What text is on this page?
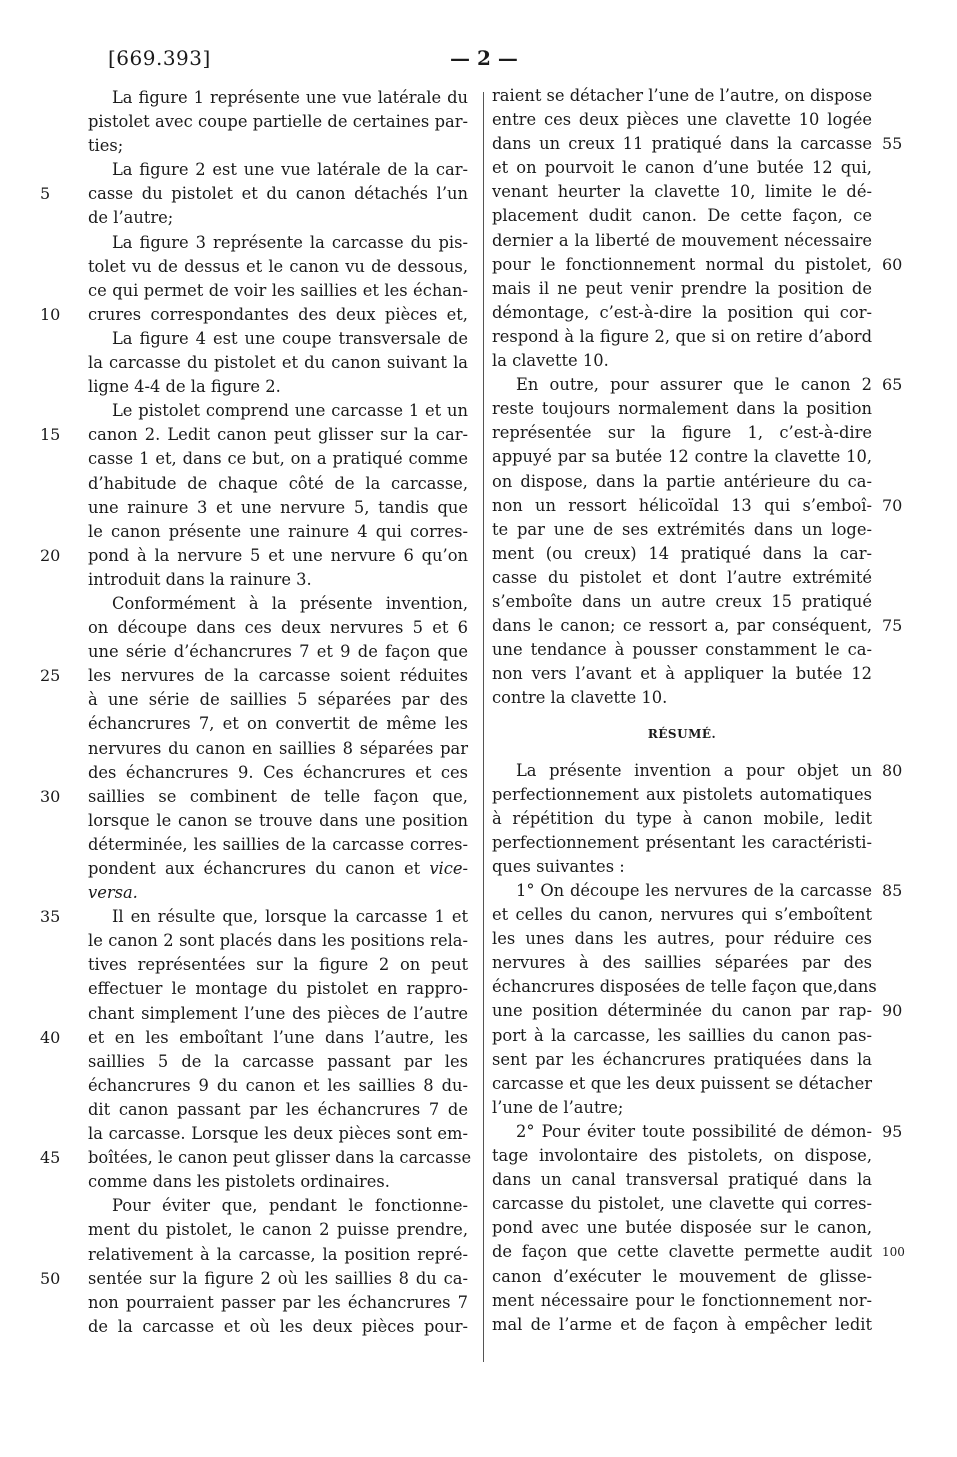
[669.393]	— 2 —
La figure 1 représente une vue latérale du
pistolet avec coupe partielle de certaines par-
ties;
La figure 2 est une vue latérale de la car-
casse du pistolet et du canon détachés l’un
5
de l’autre;
La figure 3 représente la carcasse du pis-
tolet vu de dessus et le canon vu de dessous,
ce qui permet de voir les saillies et les échan-
crures correspondantes des deux pièces et,
10
La figure 4 est une coupe transversale de
la carcasse du pistolet et du canon suivant la
ligne 4-4 de la figure 2.
Le pistolet comprend une carcasse 1 et un
canon 2. Ledit canon peut glisser sur la car-
15
casse 1 et, dans ce but, on a pratiqué comme
d’habitude de chaque côté de la carcasse,
une rainure 3 et une nervure 5, tandis que
le canon présente une rainure 4 qui corres-
pond à la nervure 5 et une nervure 6 qu’on
20
introduit dans la rainure 3.
Conformément à la présente invention,
on découpe dans ces deux nervures 5 et 6
une série d’échancrures 7 et 9 de façon que
les nervures de la carcasse soient réduites
25
à une série de saillies 5 séparées par des
échancrures 7, et on convertit de même les
nervures du canon en saillies 8 séparées par
des échancrures 9. Ces échancrures et ces
saillies se combinent de telle façon que,
30
lorsque le canon se trouve dans une position
déterminée, les saillies de la carcasse corres-
pondent aux échancrures du canon et vice-
versa.
Il en résulte que, lorsque la carcasse 1 et
35
le canon 2 sont placés dans les positions rela-
tives représentées sur la figure 2 on peut
effectuer le montage du pistolet en rappro-
chant simplement l’une des pièces de l’autre
et en les emboîtant l’une dans l’autre, les
40
saillies 5 de la carcasse passant par les
échancrures 9 du canon et les saillies 8 du-
dit canon passant par les échancrures 7 de
la carcasse. Lorsque les deux pièces sont em-
boîtées, le canon peut glisser dans la carcasse
45
comme dans les pistolets ordinaires.
Pour éviter que, pendant le fonctionne-
ment du pistolet, le canon 2 puisse prendre,
relativement à la carcasse, la position repré-
sentée sur la figure 2 où les saillies 8 du ca-
50
non pourraient passer par les échancrures 7
de la carcasse et où les deux pièces pour-
raient se détacher l’une de l’autre, on dispose
entre ces deux pièces une clavette 10 logée
dans un creux 11 pratiqué dans la carcasse 55
et on pourvoit le canon d’une butée 12 qui,
venant heurter la clavette 10, limite le dé-
placement dudit canon. De cette façon, ce
dernier a la liberté de mouvement nécessaire
pour le fonctionnement normal du pistolet, 60
mais il ne peut venir prendre la position de
démontage, c’est-à-dire la position qui cor-
respond à la figure 2, que si on retire d’abord
la clavette 10.
En outre, pour assurer que le canon 2 65
reste toujours normalement dans la position
représentée sur la figure 1, c’est-à-dire
appuyé par sa butée 12 contre la clavette 10,
on dispose, dans la partie antérieure du ca-
non un ressort hélicoïdal 13 qui s’emboî- 70
te par une de ses extrémités dans un loge-
ment (ou creux) 14 pratiqué dans la car-
casse du pistolet et dont l’autre extrémité
s’emboîte dans un autre creux 15 pratiqué
dans le canon; ce ressort a, par conséquent, 75
une tendance à pousser constamment le ca-
non vers l’avant et à appliquer la butée 12
contre la clavette 10.
RÉSUMÉ.
La présente invention a pour objet un 80
perfectionnement aux pistolets automatiques
à répétition du type à canon mobile, ledit
perfectionnement présentant les caractéristi-
ques suivantes :
1° On découpe les nervures de la carcasse 85
et celles du canon, nervures qui s’emboîtent
les unes dans les autres, pour réduire ces
nervures à des saillies séparées par des
échancrures disposées de telle façon que,dans
une position déterminée du canon par rap- 90
port à la carcasse, les saillies du canon pas-
sent par les échancrures pratiquées dans la
carcasse et que les deux puissent se détacher
l’une de l’autre;
2° Pour éviter toute possibilité de démon- 95
tage involontaire des pistolets, on dispose,
dans un canal transversal pratiqué dans la
carcasse du pistolet, une clavette qui corres-
pond avec une butée disposée sur le canon,
de façon que cette clavette permette audit 100
canon d’exécuter le mouvement de glisse-
ment nécessaire pour le fonctionnement nor-
mal de l’arme et de façon à empêcher ledit
